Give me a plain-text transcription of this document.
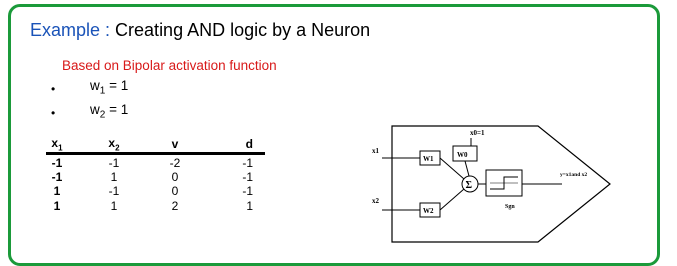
Example : Creating AND logic by a Neuron
Based on Bipolar activation function
•	$w_1 = 1$
•	$w_2 = 1$
$x_1$	$x_2$	v	d
-1	-1	-2	-1
-1	1	0	-1
1	-1	0	-1
1	1	2	1
x0=1
W0
x1
W1
x2
W2
Σ
Sgn
y=x1and x2
